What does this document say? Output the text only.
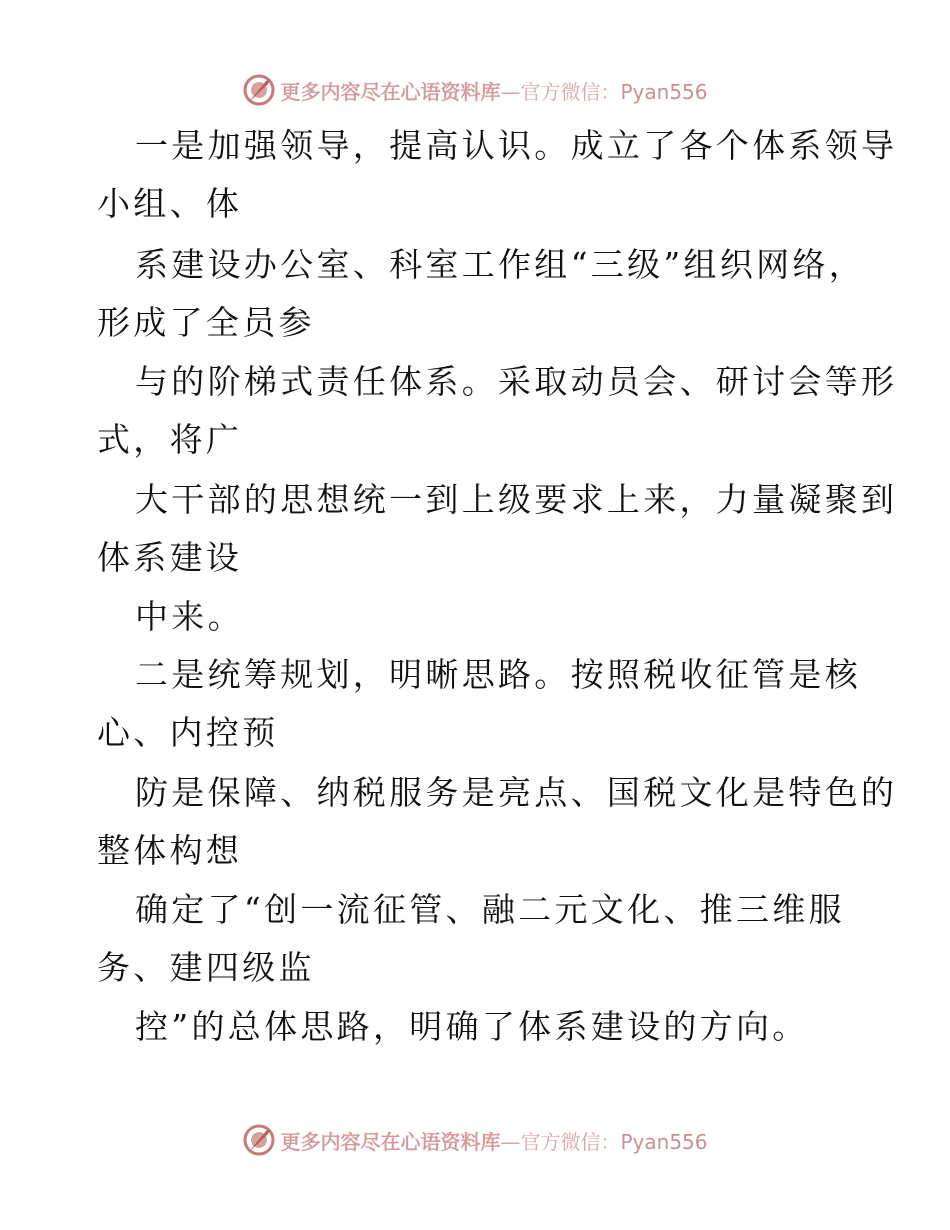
更多内容尽在心语资料库—官方微信：Pyan556
一是加强领导，提高认识。成立了各个体系领导
小组、体
系建设办公室、科室工作组“三级”组织网络，
形成了全员参
与的阶梯式责任体系。采取动员会、研讨会等形
式，将广
大干部的思想统一到上级要求上来，力量凝聚到
体系建设
中来。
二是统筹规划，明晰思路。按照税收征管是核
心、内控预
防是保障、纳税服务是亮点、国税文化是特色的
整体构想
确定了“创一流征管、融二元文化、推三维服
务、建四级监
控”的总体思路，明确了体系建设的方向。
更多内容尽在心语资料库—官方微信：Pyan556
